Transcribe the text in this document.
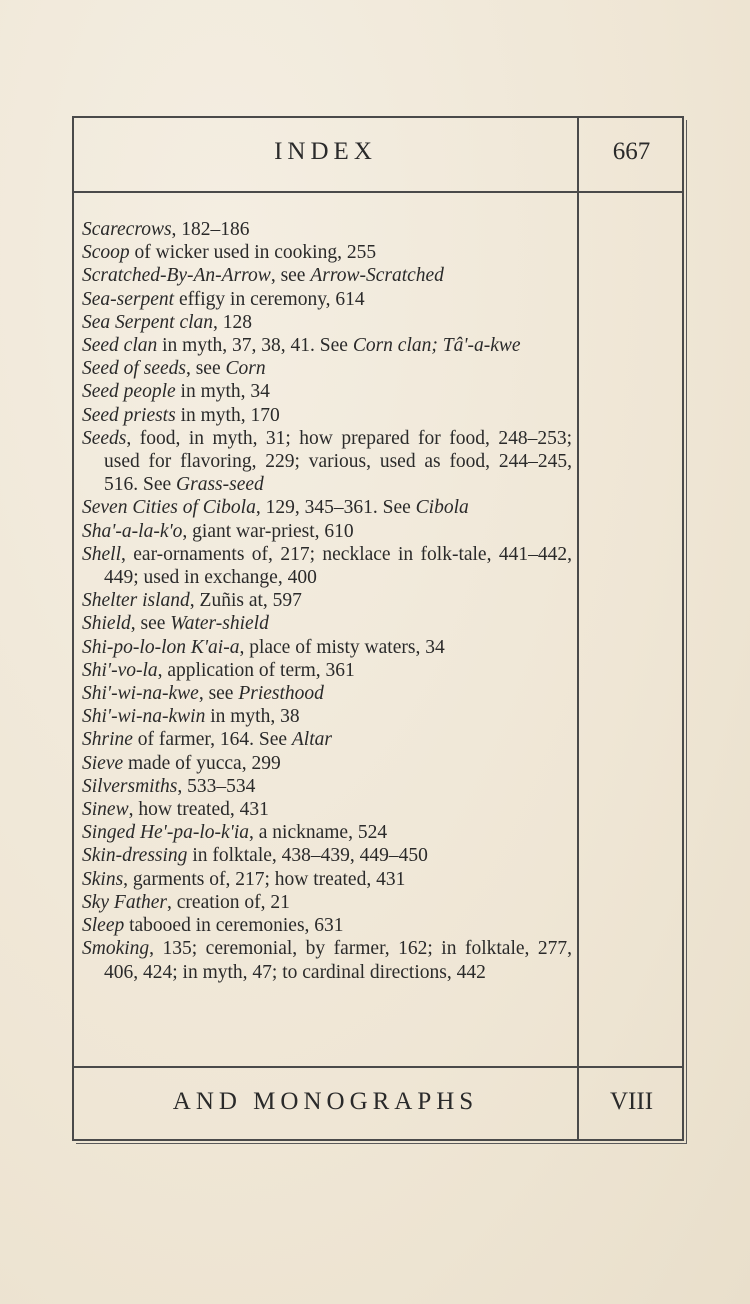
INDEX	667
Scarecrows, 182–186
Scoop of wicker used in cooking, 255
Scratched-By-An-Arrow, see Arrow-Scratched
Sea-serpent effigy in ceremony, 614
Sea Serpent clan, 128
Seed clan in myth, 37, 38, 41. See Corn clan; Tâ'-a-kwe
Seed of seeds, see Corn
Seed people in myth, 34
Seed priests in myth, 170
Seeds, food, in myth, 31; how prepared for food, 248–253; used for flavoring, 229; various, used as food, 244–245, 516. See Grass-seed
Seven Cities of Cibola, 129, 345–361. See Cibola
Sha'-a-la-k'o, giant war-priest, 610
Shell, ear-ornaments of, 217; necklace in folk-tale, 441–442, 449; used in exchange, 400
Shelter island, Zuñis at, 597
Shield, see Water-shield
Shi-po-lo-lon K'ai-a, place of misty waters, 34
Shi'-vo-la, application of term, 361
Shi'-wi-na-kwe, see Priesthood
Shi'-wi-na-kwin in myth, 38
Shrine of farmer, 164. See Altar
Sieve made of yucca, 299
Silversmiths, 533–534
Sinew, how treated, 431
Singed He'-pa-lo-k'ia, a nickname, 524
Skin-dressing in folktale, 438–439, 449–450
Skins, garments of, 217; how treated, 431
Sky Father, creation of, 21
Sleep tabooed in ceremonies, 631
Smoking, 135; ceremonial, by farmer, 162; in folktale, 277, 406, 424; in myth, 47; to cardinal directions, 442
AND MONOGRAPHS	VIII
